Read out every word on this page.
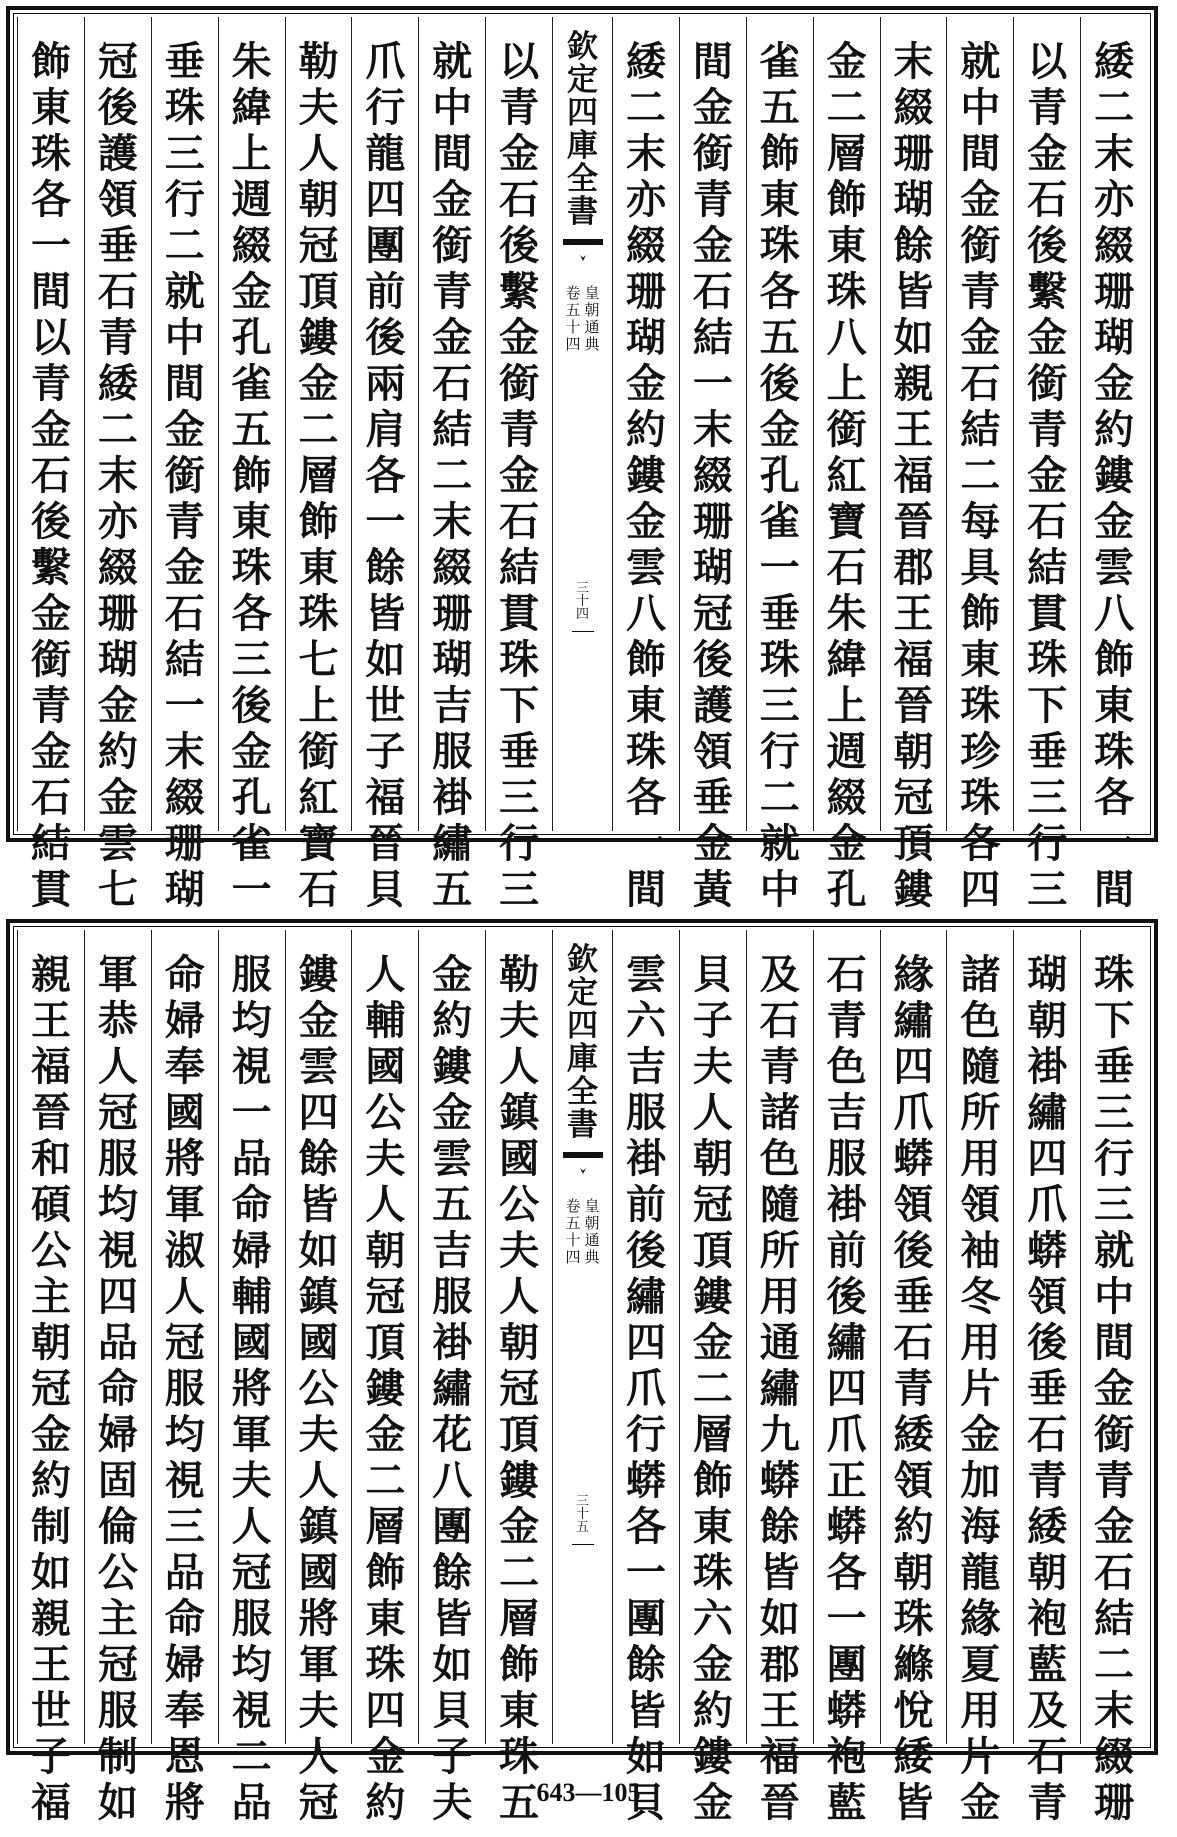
緌
二
末
亦
綴
珊
瑚
金
約
鏤
金
雲
八
飾
東
珠
各
一
間
以
青
金
石
後
繫
金
銜
青
金
石
結
貫
珠
下
垂
三
行
三
就
中
間
金
銜
青
金
石
結
二
每
具
飾
東
珠
珍
珠
各
四
末
綴
珊
瑚
餘
皆
如
親
王
福
晉
郡
王
福
晉
朝
冠
頂
鏤
金
二
層
飾
東
珠
八
上
銜
紅
寶
石
朱
緯
上
週
綴
金
孔
雀
五
飾
東
珠
各
五
後
金
孔
雀
一
垂
珠
三
行
二
就
中
間
金
銜
青
金
石
結
一
末
綴
珊
瑚
冠
後
護
領
垂
金
黃
緌
二
末
亦
綴
珊
瑚
金
約
鏤
金
雲
八
飾
東
珠
各
一
間
欽
定
四
庫
全
書
皇
朝
通
典
卷
五
十
四
三
十
四
以
青
金
石
後
繫
金
銜
青
金
石
結
貫
珠
下
垂
三
行
三
就
中
間
金
銜
青
金
石
結
二
末
綴
珊
瑚
吉
服
褂
繡
五
爪
行
龍
四
團
前
後
兩
肩
各
一
餘
皆
如
世
子
福
晉
貝
勒
夫
人
朝
冠
頂
鏤
金
二
層
飾
東
珠
七
上
銜
紅
寶
石
朱
緯
上
週
綴
金
孔
雀
五
飾
東
珠
各
三
後
金
孔
雀
一
垂
珠
三
行
二
就
中
間
金
銜
青
金
石
結
一
末
綴
珊
瑚
冠
後
護
領
垂
石
青
緌
二
末
亦
綴
珊
瑚
金
約
金
雲
七
飾
東
珠
各
一
間
以
青
金
石
後
繫
金
銜
青
金
石
結
貫
珠
下
垂
三
行
三
就
中
間
金
銜
青
金
石
結
二
末
綴
珊
瑚
朝
褂
繡
四
爪
蟒
領
後
垂
石
青
緌
朝
袍
藍
及
石
青
諸
色
隨
所
用
領
袖
冬
用
片
金
加
海
龍
緣
夏
用
片
金
緣
繡
四
爪
蟒
領
後
垂
石
青
緌
領
約
朝
珠
縧
悅
緌
皆
石
青
色
吉
服
褂
前
後
繡
四
爪
正
蟒
各
一
團
蟒
袍
藍
及
石
青
諸
色
隨
所
用
通
繡
九
蟒
餘
皆
如
郡
王
福
晉
貝
子
夫
人
朝
冠
頂
鏤
金
二
層
飾
東
珠
六
金
約
鏤
金
雲
六
吉
服
褂
前
後
繡
四
爪
行
蟒
各
一
團
餘
皆
如
貝
欽
定
四
庫
全
書
皇
朝
通
典
卷
五
十
四
三
十
五
勒
夫
人
鎮
國
公
夫
人
朝
冠
頂
鏤
金
二
層
飾
東
珠
五
金
約
鏤
金
雲
五
吉
服
褂
繡
花
八
團
餘
皆
如
貝
子
夫
人
輔
國
公
夫
人
朝
冠
頂
鏤
金
二
層
飾
東
珠
四
金
約
鏤
金
雲
四
餘
皆
如
鎮
國
公
夫
人
鎮
國
將
軍
夫
人
冠
服
均
視
一
品
命
婦
輔
國
將
軍
夫
人
冠
服
均
視
二
品
命
婦
奉
國
將
軍
淑
人
冠
服
均
視
三
品
命
婦
奉
恩
將
軍
恭
人
冠
服
均
視
四
品
命
婦
固
倫
公
主
冠
服
制
如
親
王
福
晉
和
碩
公
主
朝
冠
金
約
制
如
親
王
世
子
福	643—105
